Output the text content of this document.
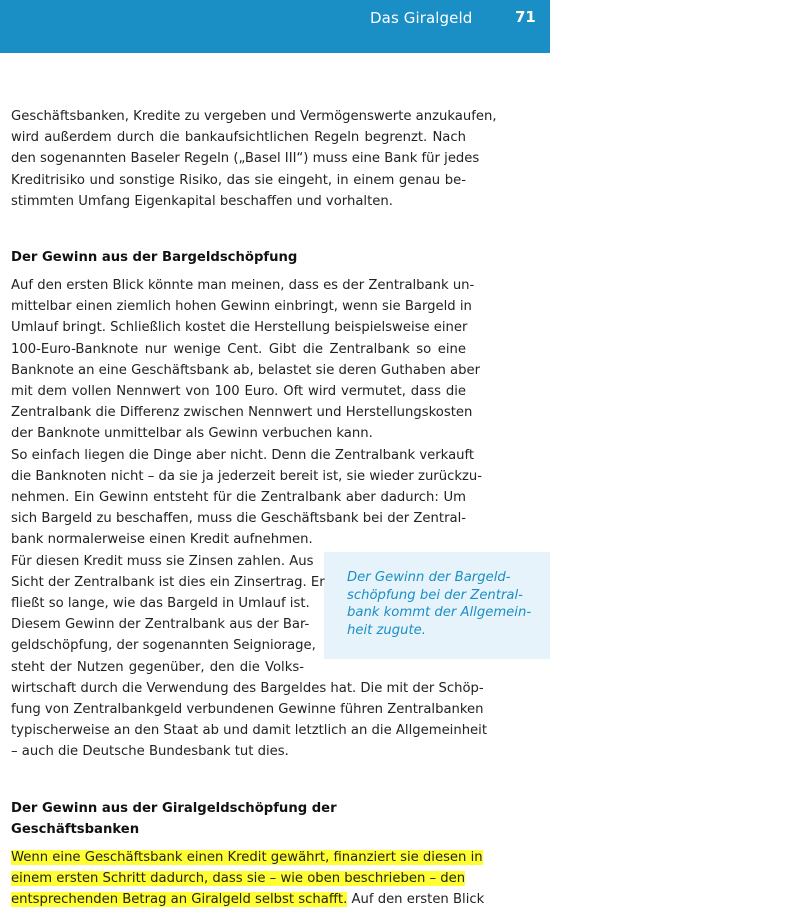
Das Giralgeld	71

Der Gewinn der Bargeld-
schöpfung bei der Zentral-
bank kommt der Allgemein-
heit zugute.

Geschäftsbanken, Kredite zu vergeben und Vermögenswerte anzukaufen,
wird außerdem durch die bankaufsichtlichen Regeln begrenzt. Nach
den sogenannten Baseler Regeln („Basel III“) muss eine Bank für jedes
Kreditrisiko und sonstige Risiko, das sie eingeht, in einem genau be-
stimmten Umfang Eigenkapital beschaffen und vorhalten.
Der Gewinn aus der Bargeldschöpfung
Auf den ersten Blick könnte man meinen, dass es der Zentralbank un-
mittelbar einen ziemlich hohen Gewinn einbringt, wenn sie Bargeld in
Umlauf bringt. Schließlich kostet die Herstellung beispielsweise einer
100-Euro-Banknote nur wenige Cent. Gibt die Zentralbank so eine
Banknote an eine Geschäftsbank ab, belastet sie deren Guthaben aber
mit dem vollen Nennwert von 100 Euro. Oft wird vermutet, dass die
Zentralbank die Differenz zwischen Nennwert und Herstellungskosten
der Banknote unmittelbar als Gewinn verbuchen kann.
So einfach liegen die Dinge aber nicht. Denn die Zentralbank verkauft
die Banknoten nicht – da sie ja jederzeit bereit ist, sie wieder zurückzu-
nehmen. Ein Gewinn entsteht für die Zentralbank aber dadurch: Um
sich Bargeld zu beschaffen, muss die Geschäftsbank bei der Zentral-
bank normalerweise einen Kredit aufnehmen.
Für diesen Kredit muss sie Zinsen zahlen. Aus
Sicht der Zentralbank ist dies ein Zinsertrag. Er
fließt so lange, wie das Bargeld in Umlauf ist.
Diesem Gewinn der Zentralbank aus der Bar-
geldschöpfung, der sogenannten Seigniorage,
steht der Nutzen gegenüber, den die Volks-
wirtschaft durch die Verwendung des Bargeldes hat. Die mit der Schöp-
fung von Zentralbankgeld verbundenen Gewinne führen Zentralbanken
typischerweise an den Staat ab und damit letztlich an die Allgemeinheit
– auch die Deutsche Bundesbank tut dies.
Der Gewinn aus der Giralgeldschöpfung der Geschäftsbanken
Wenn eine Geschäftsbank einen Kredit gewährt, finanziert sie diesen in
einem ersten Schritt dadurch, dass sie – wie oben beschrieben – den
entsprechenden Betrag an Giralgeld selbst schafft. Auf den ersten Blick
